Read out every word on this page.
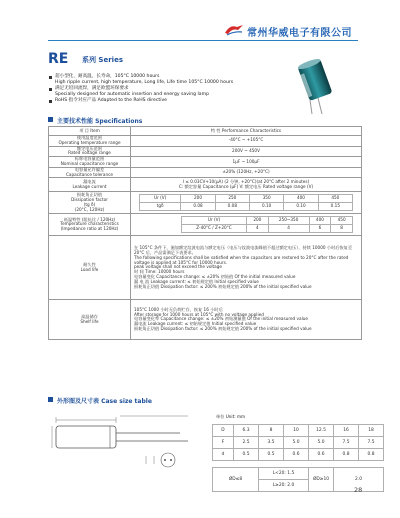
常州华威电子有限公司
RE 系列 Series
超小型化，耐高温，长寿命，105°C 10000 hours
High ripple current, high temperature, Long life, Life time 105°C 10000 hours
满足无铅回流焊，满足欧盟环保要求
Specially designed for automatic insertion and energy saving lamp
RoHS 指令对应产品 Adapted to the RoHS directive
主要技术性能 Specifications
项 目 Item	特 性 Performance Characteristics

使用温度范围
Operating temperature range	-40°C ~ +105°C

额定电压范围
Rated voltage range	200V ~ 450V

标称电容量范围
Nominal capacitance range	1µF ~ 100µF

电容量允许偏差
Capacitance tolerance	±20% (120Hz, +20°C)

漏电流
Leakage current

I ≤ 0.03CV+10(µA) (2 分钟, +20°C)(at 20°C after 2 minutes)
C: 额定容量 Capacitance (µF) V: 额定电压 Rated voltage range (V)

损耗角正切值
Dissipation factor
(tg δ)
(20°C, 120Hz)

Ur (V)	200	250	350	400	450
tgδ	0.08	0.08	0.10	0.10	0.15

低温特性 (阻抗比 / 120Hz)
Temperature characteristics
(Impedance ratio at 120Hz)

Ur (V)	200	250~350	400	450
Z-40°C / Z+20°C	4	4	6	8

耐久性
Load life

在 105°C 条件下，施加额定纹波电流与额定电压（电压与纹波电流峰值不超过额定电压），持续 10000 小时后恢复至 20°C 后，产品需满足下表要求。
The following specifications shall be satisfied when the capacitors are restored to 20°C after the rated voltage is applied at 105°C for 10000 hours.
peak voltage shall not exceed the voltage
时 间 Time: 10000 hours
电容量变化 Capacitance change: ≤ ±20% 初始值 Of the initial measured value
漏 电 流 Leakage current: ≤ 初始规定值 Initial specified value
损耗角正切值 Dissipation factor: ≤ 200% 初始规定值 200% of the initial specified value

高温储存
Shelf life

105°C 1000 小时无负荷贮存，恢复 16 小时后
After storage for 1000 hours at 105°C with no voltage applied
电容量变化率 Capacitance change: ≤ ±20% 初始测量值 Of the initial measured value
漏电流 Leakage current: ≤ 初始规定值 Initial specified value
损耗角正切值 Dissipation factor: ≤ 200% 初始规定值 200% of the initial specified value
外形图及尺寸表 Case size table
单位 Unit: mm
D	6.3	8	10	12.5	16	18
F	2.5	3.5	5.0	5.0	7.5	7.5
d	0.5	0.5	0.6	0.6	0.8	0.8

ØD≤8		L<20: 1.5		ØD≥10	2.0	
		L≥20: 2.0				
28
